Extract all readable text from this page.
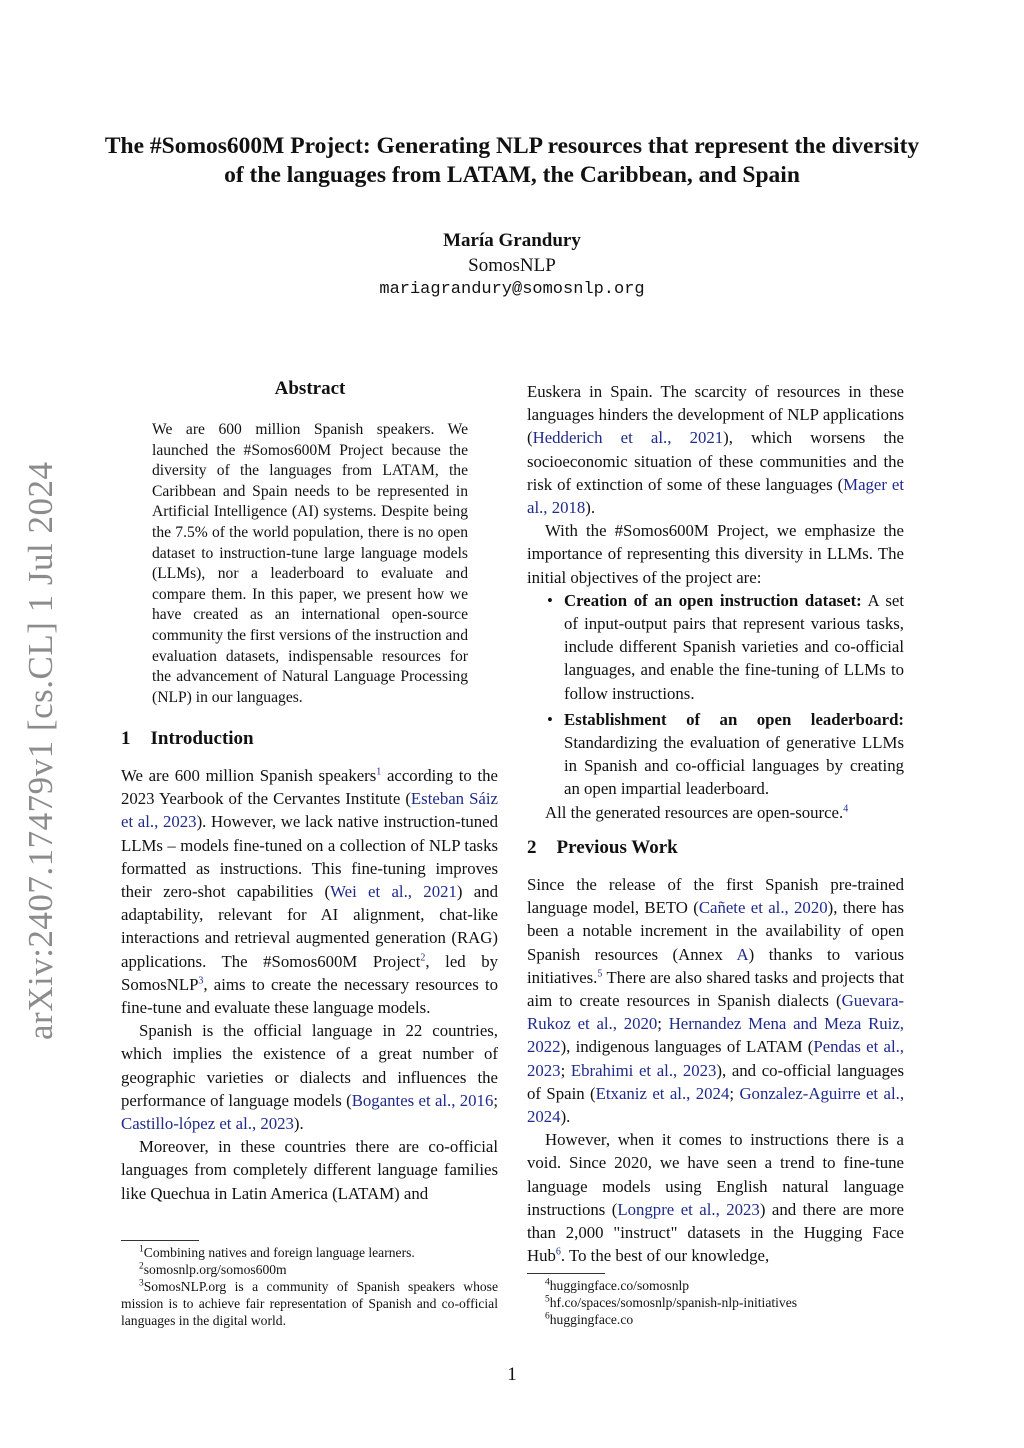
The #Somos600M Project: Generating NLP resources that represent the diversity of the languages from LATAM, the Caribbean, and Spain
María Grandury
SomosNLP
mariagrandury@somosnlp.org
arXiv:2407.17479v1 [cs.CL] 1 Jul 2024
Abstract
We are 600 million Spanish speakers. We launched the #Somos600M Project because the diversity of the languages from LATAM, the Caribbean and Spain needs to be represented in Artificial Intelligence (AI) systems. Despite being the 7.5% of the world population, there is no open dataset to instruction-tune large language models (LLMs), nor a leaderboard to evaluate and compare them. In this paper, we present how we have created as an international open-source community the first versions of the instruction and evaluation datasets, indispensable resources for the advancement of Natural Language Processing (NLP) in our languages.
1 Introduction

We are 600 million Spanish speakers$^1$ according to the 2023 Yearbook of the Cervantes Institute (Esteban Sáiz et al., 2023). However, we lack native instruction-tuned LLMs – models fine-tuned on a collection of NLP tasks formatted as instructions. This fine-tuning improves their zero-shot capabilities (Wei et al., 2021) and adaptability, relevant for AI alignment, chat-like interactions and retrieval augmented generation (RAG) applications. The #Somos600M Project$^2$, led by SomosNLP$^3$, aims to create the necessary resources to fine-tune and evaluate these language models.

Spanish is the official language in 22 countries, which implies the existence of a great number of geographic varieties or dialects and influences the performance of language models (Bogantes et al., 2016; Castillo-lópez et al., 2023).

Moreover, in these countries there are co-official languages from completely different language families like Quechua in Latin America (LATAM) and

$^1$Combining natives and foreign language learners.
$^2$somosnlp.org/somos600m
$^3$SomosNLP.org is a community of Spanish speakers whose mission is to achieve fair representation of Spanish and co-official languages in the digital world.

Euskera in Spain. The scarcity of resources in these languages hinders the development of NLP applications (Hedderich et al., 2021), which worsens the socioeconomic situation of these communities and the risk of extinction of some of these languages (Mager et al., 2018).

With the #Somos600M Project, we emphasize the importance of representing this diversity in LLMs. The initial objectives of the project are:

• Creation of an open instruction dataset: A set of input-output pairs that represent various tasks, include different Spanish varieties and co-official languages, and enable the fine-tuning of LLMs to follow instructions.
• Establishment of an open leaderboard: Standardizing the evaluation of generative LLMs in Spanish and co-official languages by creating an open impartial leaderboard.

All the generated resources are open-source.$^4$

2 Previous Work

Since the release of the first Spanish pre-trained language model, BETO (Cañete et al., 2020), there has been a notable increment in the availability of open Spanish resources (Annex A) thanks to various initiatives.$^5$ There are also shared tasks and projects that aim to create resources in Spanish dialects (Guevara-Rukoz et al., 2020; Hernandez Mena and Meza Ruiz, 2022), indigenous languages of LATAM (Pendas et al., 2023; Ebrahimi et al., 2023), and co-official languages of Spain (Etxaniz et al., 2024; Gonzalez-Aguirre et al., 2024).

However, when it comes to instructions there is a void. Since 2020, we have seen a trend to fine-tune language models using English natural language instructions (Longpre et al., 2023) and there are more than 2,000 "instruct" datasets in the Hugging Face Hub$^6$. To the best of our knowledge,

$^4$huggingface.co/somosnlp
$^5$hf.co/spaces/somosnlp/spanish-nlp-initiatives
$^6$huggingface.co
1
